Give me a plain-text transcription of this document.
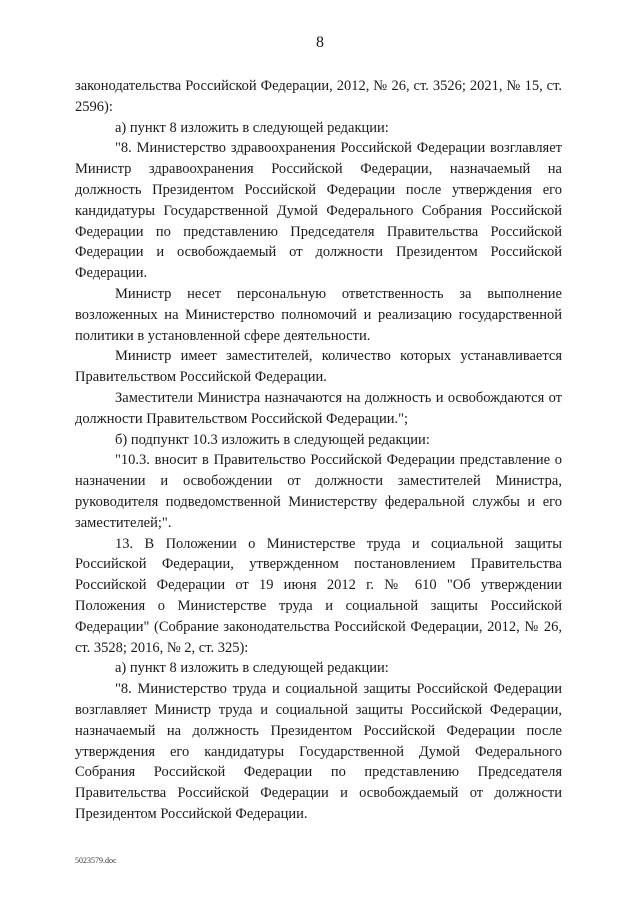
8

законодательства Российской Федерации, 2012, № 26, ст. 3526; 2021, № 15, ст. 2596):

а) пункт 8 изложить в следующей редакции:

"8. Министерство здравоохранения Российской Федерации возглавляет Министр здравоохранения Российской Федерации, назначаемый на должность Президентом Российской Федерации после утверждения его кандидатуры Государственной Думой Федерального Собрания Российской Федерации по представлению Председателя Правительства Российской Федерации и освобождаемый от должности Президентом Российской Федерации.

Министр несет персональную ответственность за выполнение возложенных на Министерство полномочий и реализацию государственной политики в установленной сфере деятельности.

Министр имеет заместителей, количество которых устанавливается Правительством Российской Федерации.

Заместители Министра назначаются на должность и освобождаются от должности Правительством Российской Федерации.";

б) подпункт 10.3 изложить в следующей редакции:

"10.3. вносит в Правительство Российской Федерации представление о назначении и освобождении от должности заместителей Министра, руководителя подведомственной Министерству федеральной службы и его заместителей;".

13. В Положении о Министерстве труда и социальной защиты Российской Федерации, утвержденном постановлением Правительства Российской Федерации от 19 июня 2012 г. № 610 "Об утверждении Положения о Министерстве труда и социальной защиты Российской Федерации" (Собрание законодательства Российской Федерации, 2012, № 26, ст. 3528; 2016, № 2, ст. 325):

а) пункт 8 изложить в следующей редакции:

"8. Министерство труда и социальной защиты Российской Федерации возглавляет Министр труда и социальной защиты Российской Федерации, назначаемый на должность Президентом Российской Федерации после утверждения его кандидатуры Государственной Думой Федерального Собрания Российской Федерации по представлению Председателя Правительства Российской Федерации и освобождаемый от должности Президентом Российской Федерации.

5023579.doc
